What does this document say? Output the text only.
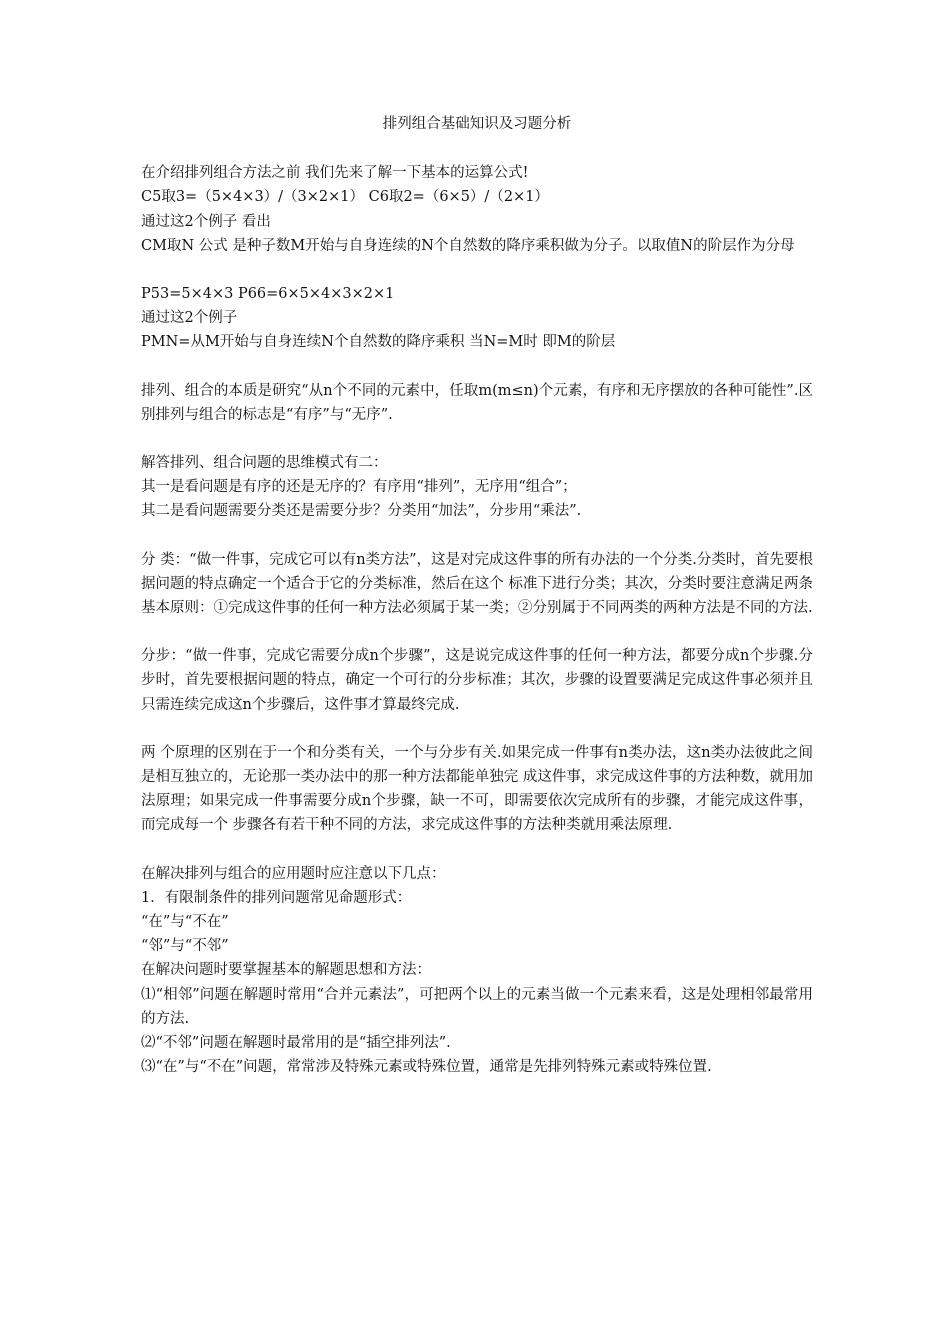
排列组合基础知识及习题分析

在介绍排列组合方法之前 我们先来了解一下基本的运算公式!

C5取3=（5×4×3）/（3×2×1） C6取2=（6×5）/（2×1）

通过这2个例子 看出

CM取N 公式 是种子数M开始与自身连续的N个自然数的降序乘积做为分子。以取值N的阶层作为分母

P53=5×4×3 P66=6×5×4×3×2×1

通过这2个例子

PMN=从M开始与自身连续N个自然数的降序乘积 当N=M时 即M的阶层

排列、组合的本质是研究“从n个不同的元素中，任取m(m≤n)个元素，有序和无序摆放的各种可能性”.区别排列与组合的标志是“有序”与“无序”.

解答排列、组合问题的思维模式有二：

其一是看问题是有序的还是无序的？有序用“排列”，无序用“组合”；

其二是看问题需要分类还是需要分步？分类用“加法”，分步用“乘法”.

分 类：“做一件事，完成它可以有n类方法”，这是对完成这件事的所有办法的一个分类.分类时，首先要根据问题的特点确定一个适合于它的分类标准，然后在这个 标准下进行分类；其次，分类时要注意满足两条基本原则：①完成这件事的任何一种方法必须属于某一类；②分别属于不同两类的两种方法是不同的方法.

分步：“做一件事，完成它需要分成n个步骤”，这是说完成这件事的任何一种方法，都要分成n个步骤.分步时，首先要根据问题的特点，确定一个可行的分步标准；其次，步骤的设置要满足完成这件事必须并且只需连续完成这n个步骤后，这件事才算最终完成.

两 个原理的区别在于一个和分类有关，一个与分步有关.如果完成一件事有n类办法，这n类办法彼此之间是相互独立的，无论那一类办法中的那一种方法都能单独完 成这件事，求完成这件事的方法种数，就用加法原理；如果完成一件事需要分成n个步骤，缺一不可，即需要依次完成所有的步骤，才能完成这件事，而完成每一个 步骤各有若干种不同的方法，求完成这件事的方法种类就用乘法原理.

在解决排列与组合的应用题时应注意以下几点：

1．有限制条件的排列问题常见命题形式：

“在”与“不在”

“邻”与“不邻”

在解决问题时要掌握基本的解题思想和方法：

⑴“相邻”问题在解题时常用“合并元素法”，可把两个以上的元素当做一个元素来看，这是处理相邻最常用的方法.

⑵“不邻”问题在解题时最常用的是“插空排列法”.

⑶“在”与“不在”问题，常常涉及特殊元素或特殊位置，通常是先排列特殊元素或特殊位置.
